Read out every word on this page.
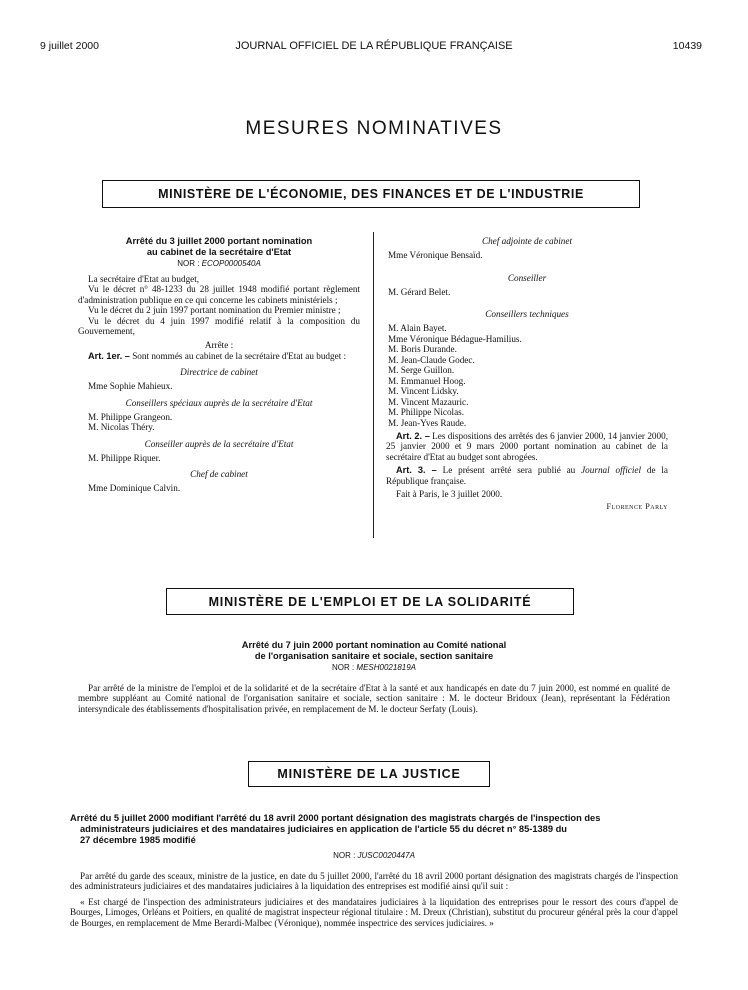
9 juillet 2000	JOURNAL OFFICIEL DE LA RÉPUBLIQUE FRANÇAISE	10439
MESURES NOMINATIVES
MINISTÈRE DE L'ÉCONOMIE, DES FINANCES ET DE L'INDUSTRIE
Arrêté du 3 juillet 2000 portant nomination
au cabinet de la secrétaire d'Etat
NOR : ECOP0000540A

La secrétaire d'Etat au budget,

Vu le décret n° 48-1233 du 28 juillet 1948 modifié portant règlement d'administration publique en ce qui concerne les cabinets ministériels ;

Vu le décret du 2 juin 1997 portant nomination du Premier ministre ;

Vu le décret du 4 juin 1997 modifié relatif à la composition du Gouvernement,

Arrête :

Art. 1er. – Sont nommés au cabinet de la secrétaire d'Etat au budget :

Directrice de cabinet
Mme Sophie Mahieux.
Conseillers spéciaux auprès de la secrétaire d'Etat
M. Philippe Grangeon.
M. Nicolas Théry.
Conseiller auprès de la secrétaire d'Etat
M. Philippe Riquer.
Chef de cabinet
Mme Dominique Calvin.
Chef adjointe de cabinet
Mme Véronique Bensaïd.
Conseiller
M. Gérard Belet.
Conseillers techniques
M. Alain Bayet.
Mme Véronique Bédague-Hamilius.
M. Boris Durande.
M. Jean-Claude Godec.
M. Serge Guillon.
M. Emmanuel Hoog.
M. Vincent Lidsky.
M. Vincent Mazauric.
M. Philippe Nicolas.
M. Jean-Yves Raude.

Art. 2. – Les dispositions des arrêtés des 6 janvier 2000, 14 janvier 2000, 25 janvier 2000 et 9 mars 2000 portant nomination au cabinet de la secrétaire d'Etat au budget sont abrogées.

Art. 3. – Le présent arrêté sera publié au Journal officiel de la République française.

Fait à Paris, le 3 juillet 2000.

Florence Parly
MINISTÈRE DE L'EMPLOI ET DE LA SOLIDARITÉ
Arrêté du 7 juin 2000 portant nomination au Comité national
de l'organisation sanitaire et sociale, section sanitaire
NOR : MESH0021819A

Par arrêté de la ministre de l'emploi et de la solidarité et de la secrétaire d'Etat à la santé et aux handicapés en date du 7 juin 2000, est nommé en qualité de membre suppléant au Comité national de l'organisation sanitaire et sociale, section sanitaire : M. le docteur Bridoux (Jean), représentant la Fédération intersyndicale des établissements d'hospitalisation privée, en remplacement de M. le docteur Serfaty (Louis).

MINISTÈRE DE LA JUSTICE
Arrêté du 5 juillet 2000 modifiant l'arrêté du 18 avril 2000 portant désignation des magistrats chargés de l'inspection des
administrateurs judiciaires et des mandataires judiciaires en application de l'article 55 du décret n° 85-1389 du
27 décembre 1985 modifié
NOR : JUSC0020447A

Par arrêté du garde des sceaux, ministre de la justice, en date du 5 juillet 2000, l'arrêté du 18 avril 2000 portant désignation des magistrats chargés de l'inspection des administrateurs judiciaires et des mandataires judiciaires à la liquidation des entreprises est modifié ainsi qu'il suit :

« Est chargé de l'inspection des administrateurs judiciaires et des mandataires judiciaires à la liquidation des entreprises pour le ressort des cours d'appel de Bourges, Limoges, Orléans et Poitiers, en qualité de magistrat inspecteur régional titulaire : M. Dreux (Christian), substitut du procureur général près la cour d'appel de Bourges, en remplacement de Mme Berardi-Malbec (Véronique), nommée inspectrice des services judiciaires. »
